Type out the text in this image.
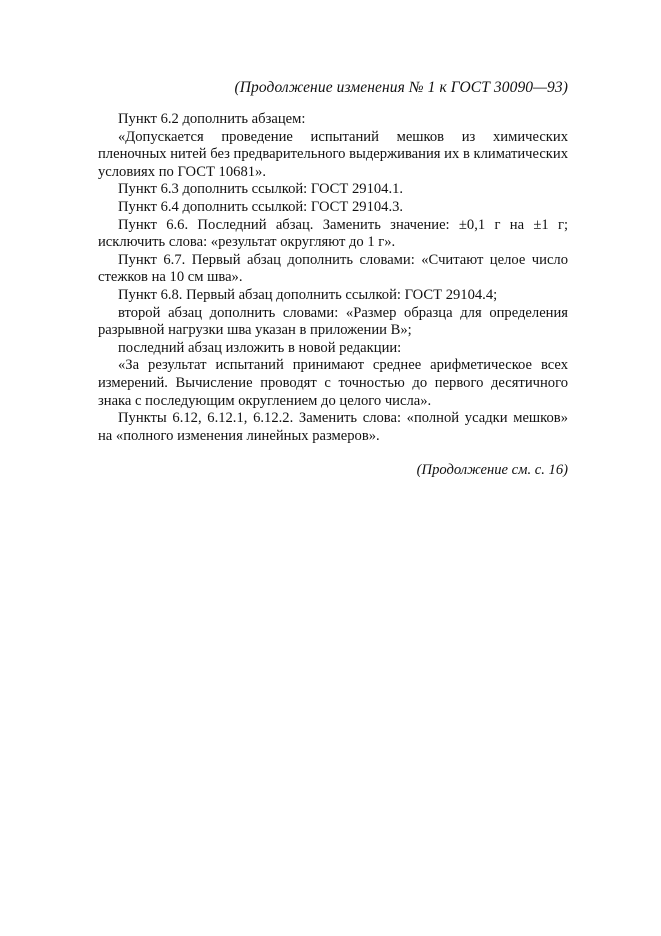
(Продолжение изменения № 1 к ГОСТ 30090—93)

Пункт 6.2 дополнить абзацем:

«Допускается проведение испытаний мешков из химических пленочных нитей без предварительного выдерживания их в климатических условиях по ГОСТ 10681».

Пункт 6.3 дополнить ссылкой: ГОСТ 29104.1.

Пункт 6.4 дополнить ссылкой: ГОСТ 29104.3.

Пункт 6.6. Последний абзац. Заменить значение: ±0,1 г на ±1 г; исключить слова: «результат округляют до 1 г».

Пункт 6.7. Первый абзац дополнить словами: «Считают целое число стежков на 10 см шва».

Пункт 6.8. Первый абзац дополнить ссылкой: ГОСТ 29104.4;

второй абзац дополнить словами: «Размер образца для определения разрывной нагрузки шва указан в приложении В»;

последний абзац изложить в новой редакции:

«За результат испытаний принимают среднее арифметическое всех измерений. Вычисление проводят с точностью до первого десятичного знака с последующим округлением до целого числа».

Пункты 6.12, 6.12.1, 6.12.2. Заменить слова: «полной усадки мешков» на «полного изменения линейных размеров».

(Продолжение см. с. 16)
